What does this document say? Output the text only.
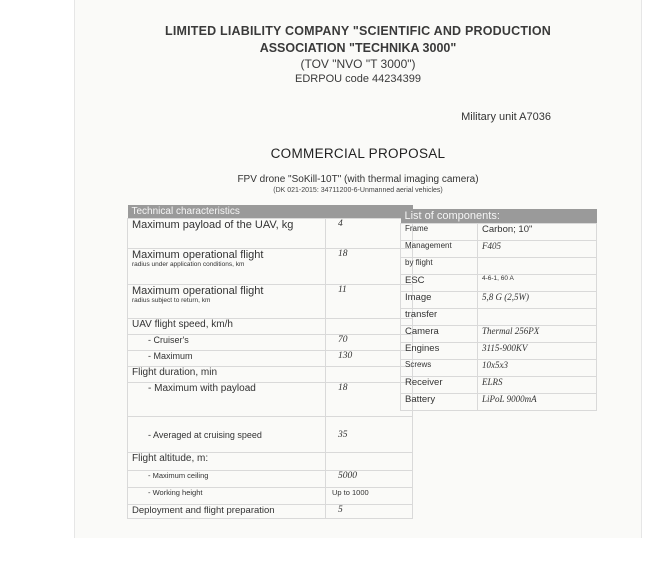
LIMITED LIABILITY COMPANY "SCIENTIFIC AND PRODUCTION
ASSOCIATION "TECHNIKA 3000"
(TOV "NVO "T 3000")
EDRPOU code 44234399
Military unit A7036
COMMERCIAL PROPOSAL
FPV drone "SoKill-10T" (with thermal imaging camera)
(DK 021-2015: 34711200-6-Unmanned aerial vehicles)
Technical characteristics	
Maximum payload of the UAV, kg	4

Maximum operational flight
radius under application conditions, km	18

Maximum operational flight
radius subject to return, km	11
UAV flight speed, km/h	
- Cruiser's	70
- Maximum	130
Flight duration, min	
- Maximum with payload	18
- Averaged at cruising speed	35
Flight altitude, m:	
- Maximum ceiling	5000
- Working height	Up to 1000
Deployment and flight preparation	5
List of components:	
Frame	Carbon; 10"
Management	F405
by flight	
ESC	4-6-1, 60 A
Image	5,8 G (2,5W)
transfer	
Camera	Thermal 256PX
Engines	3115-900KV
Screws	10x5x3
Receiver	ELRS
Battery	LiPoL 9000mA
